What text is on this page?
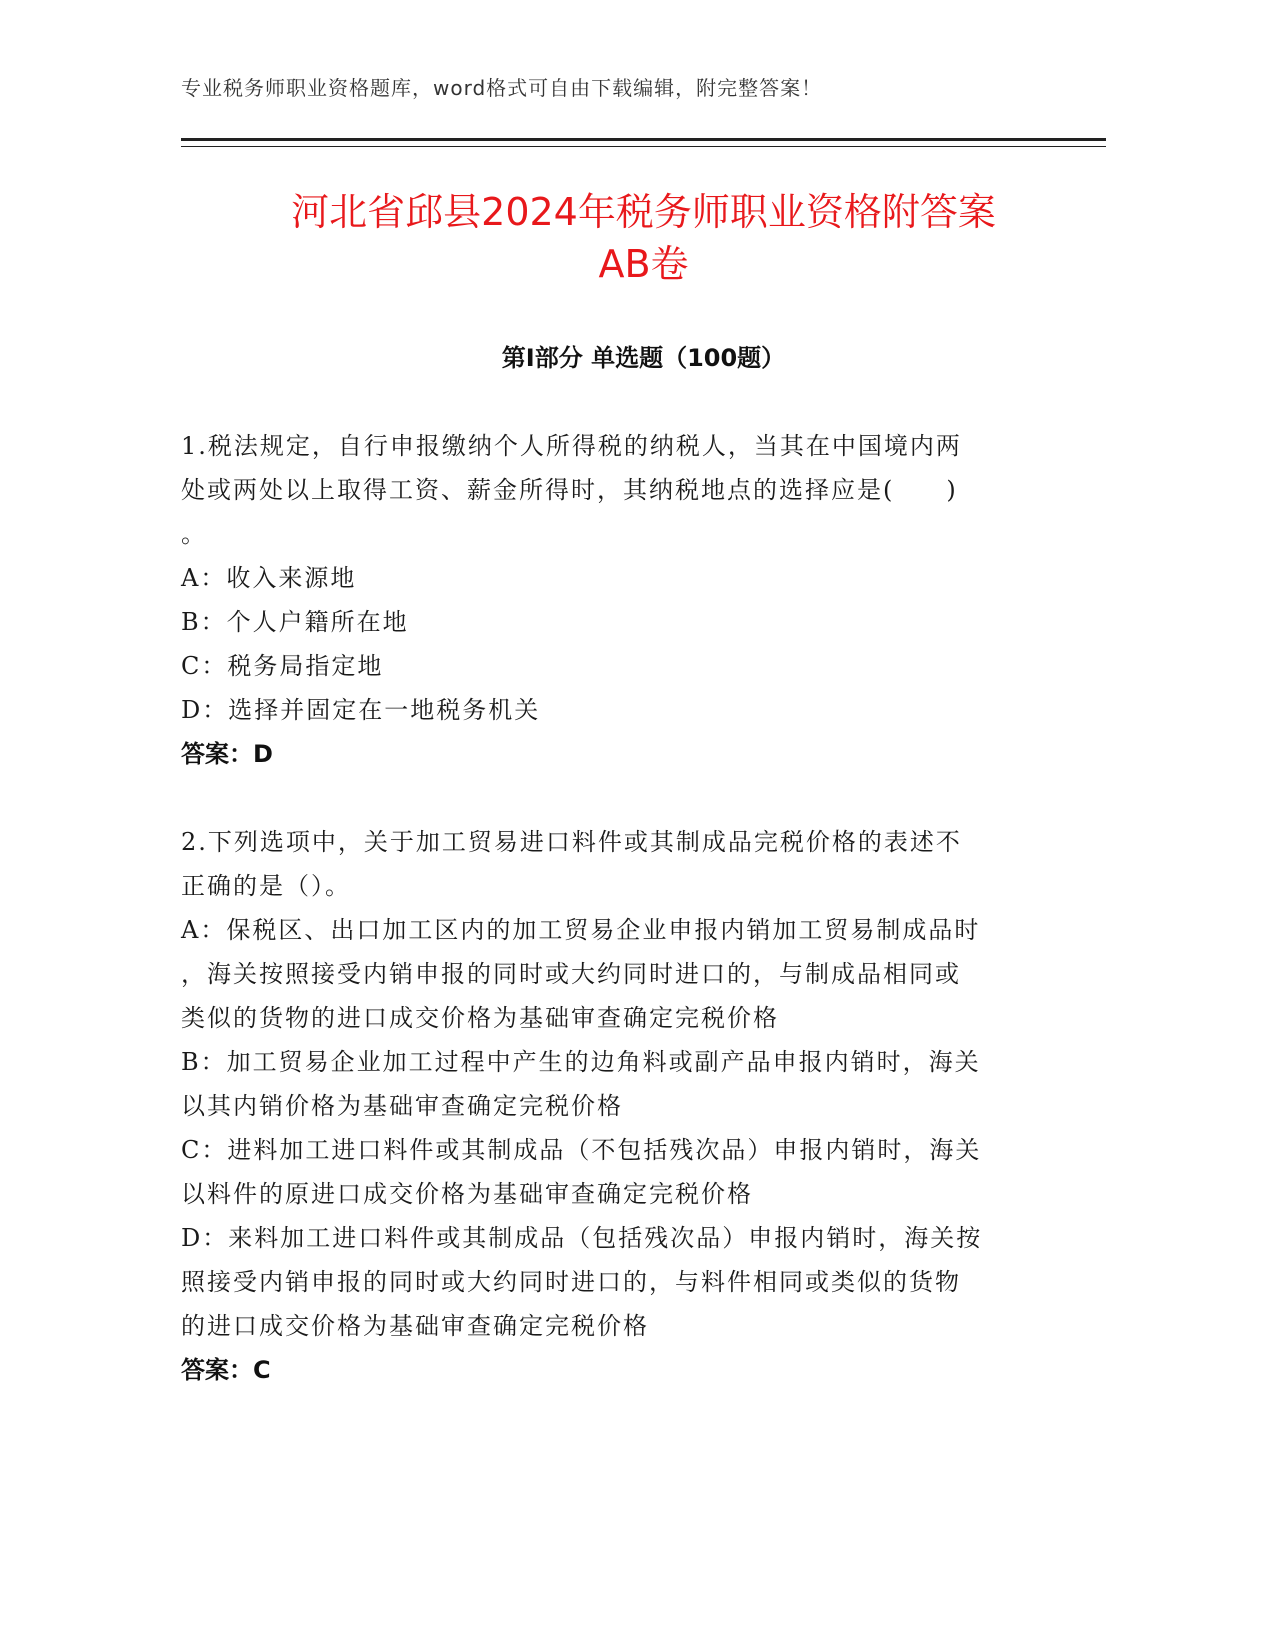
专业税务师职业资格题库，word格式可自由下载编辑，附完整答案！
河北省邱县2024年税务师职业资格附答案
AB卷
第Ⅰ部分 单选题（100题）
1.税法规定，自行申报缴纳个人所得税的纳税人，当其在中国境内两
处或两处以上取得工资、薪金所得时，其纳税地点的选择应是(　　)
。
A：收入来源地
B：个人户籍所在地
C：税务局指定地
D：选择并固定在一地税务机关
答案：D
2.下列选项中，关于加工贸易进口料件或其制成品完税价格的表述不
正确的是（）。
A：保税区、出口加工区内的加工贸易企业申报内销加工贸易制成品时
，海关按照接受内销申报的同时或大约同时进口的，与制成品相同或
类似的货物的进口成交价格为基础审查确定完税价格
B：加工贸易企业加工过程中产生的边角料或副产品申报内销时，海关
以其内销价格为基础审查确定完税价格
C：进料加工进口料件或其制成品（不包括残次品）申报内销时，海关
以料件的原进口成交价格为基础审查确定完税价格
D：来料加工进口料件或其制成品（包括残次品）申报内销时，海关按
照接受内销申报的同时或大约同时进口的，与料件相同或类似的货物
的进口成交价格为基础审查确定完税价格
答案：C
